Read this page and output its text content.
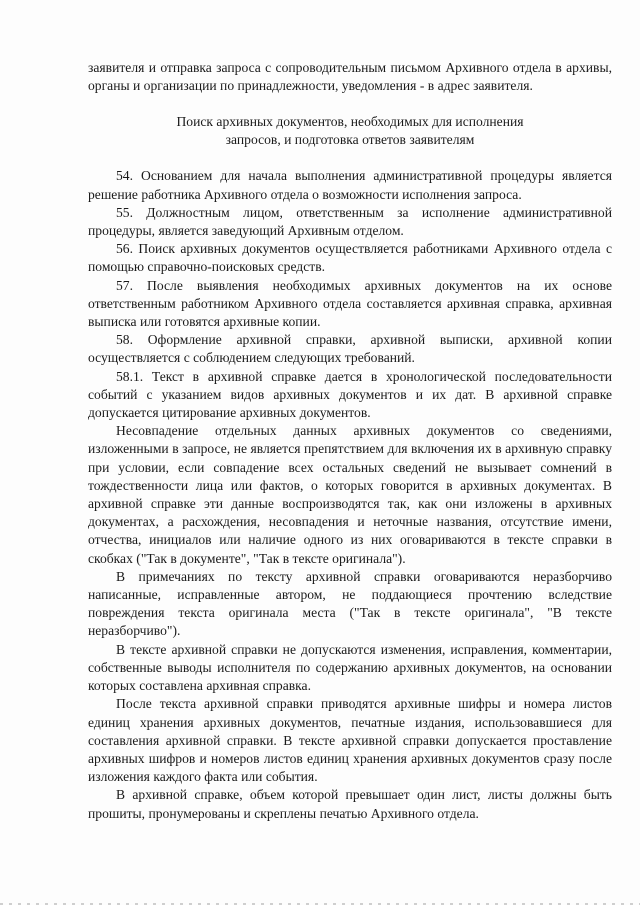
заявителя и отправка запроса с сопроводительным письмом Архивного отдела в архивы, органы и организации по принадлежности, уведомления - в адрес заявителя.

Поиск архивных документов, необходимых для исполнения
запросов, и подготовка ответов заявителям

54. Основанием для начала выполнения административной процедуры является решение работника Архивного отдела о возможности исполнения запроса.

55. Должностным лицом, ответственным за исполнение административной процедуры, является заведующий Архивным отделом.

56. Поиск архивных документов осуществляется работниками Архивного отдела с помощью справочно-поисковых средств.

57. После выявления необходимых архивных документов на их основе ответственным работником Архивного отдела составляется архивная справка, архивная выписка или готовятся архивные копии.

58. Оформление архивной справки, архивной выписки, архивной копии осуществляется с соблюдением следующих требований.

58.1. Текст в архивной справке дается в хронологической последовательности событий с указанием видов архивных документов и их дат. В архивной справке допускается цитирование архивных документов.

Несовпадение отдельных данных архивных документов со сведениями, изложенными в запросе, не является препятствием для включения их в архивную справку при условии, если совпадение всех остальных сведений не вызывает сомнений в тождественности лица или фактов, о которых говорится в архивных документах. В архивной справке эти данные воспроизводятся так, как они изложены в архивных документах, а расхождения, несовпадения и неточные названия, отсутствие имени, отчества, инициалов или наличие одного из них оговариваются в тексте справки в скобках ("Так в документе", "Так в тексте оригинала").

В примечаниях по тексту архивной справки оговариваются неразборчиво написанные, исправленные автором, не поддающиеся прочтению вследствие повреждения текста оригинала места ("Так в тексте оригинала", "В тексте неразборчиво").

В тексте архивной справки не допускаются изменения, исправления, комментарии, собственные выводы исполнителя по содержанию архивных документов, на основании которых составлена архивная справка.

После текста архивной справки приводятся архивные шифры и номера листов единиц хранения архивных документов, печатные издания, использовавшиеся для составления архивной справки. В тексте архивной справки допускается проставление архивных шифров и номеров листов единиц хранения архивных документов сразу после изложения каждого факта или события.

В архивной справке, объем которой превышает один лист, листы должны быть прошиты, пронумерованы и скреплены печатью Архивного отдела.
